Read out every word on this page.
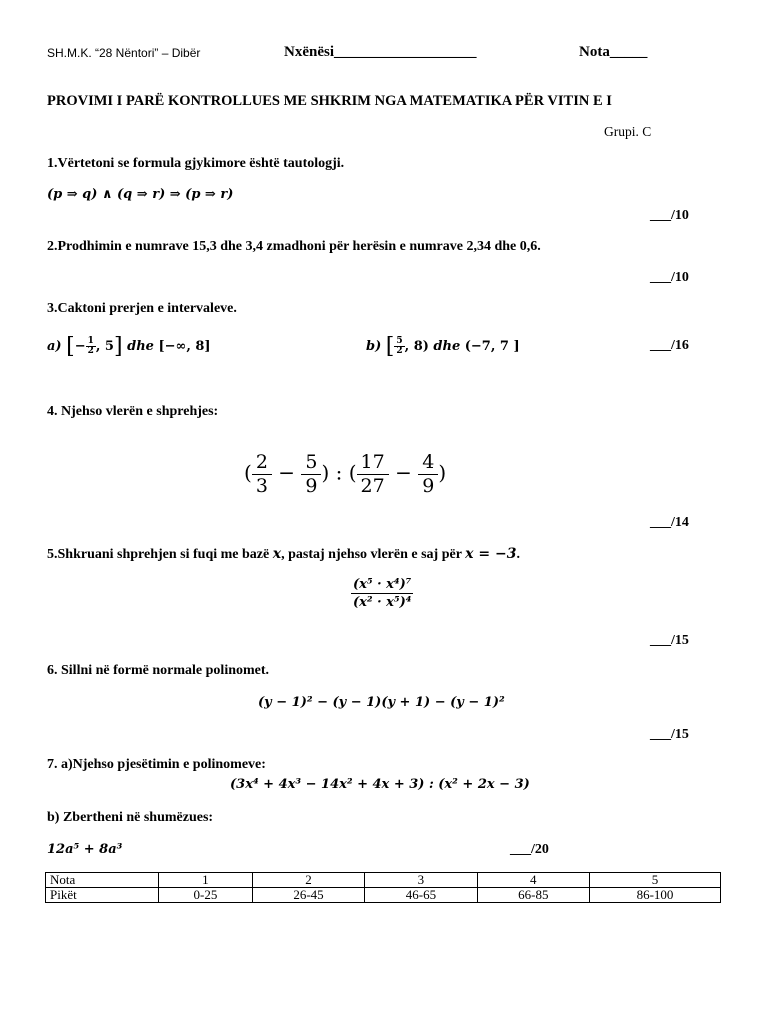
SH.M.K. “28 Nëntori” – Dibër	Nxënësi___________________	Nota_____
PROVIMI I PARË KONTROLLUES ME SHKRIM NGA MATEMATIKA PËR VITIN E I
Grupi. C
1.Vërtetoni se formula gjykimore është tautologji.
(p ⇒ q) ∧ (q ⇒ r) ⇒ (p ⇒ r)
___/10
2.Prodhimin e numrave 15,3 dhe 3,4 zmadhoni për herësin e numrave 2,34 dhe 0,6.
___/10
3.Caktoni prerjen e intervaleve.
a) [− $\frac{1}{2}$ , 5] dhe [−∞, 8]	b) [ $\frac{5}{2}$ , 8) dhe (−7, 7 ]	___/16
4. Njehso vlerën e shprehjes:
( $\frac{2}{3} - \frac{5}{9}$ ) : ( $\frac{17}{27} - \frac{4}{9}$ )
___/14
5.Shkruani shprehjen si fuqi me bazë x, pastaj njehso vlerën e saj për x = −3.
$\frac{\text{(x⁵ · x⁴)⁷}}{\text{(x² · x⁵)⁴}}$
___/15
6. Sillni në formë normale polinomet.
(y − 1)² − (y − 1)(y + 1) − (y − 1)²
___/15
7. a)Njehso pjesëtimin e polinomeve:
(3x⁴ + 4x³ − 14x² + 4x + 3) : (x² + 2x − 3)
b) Zbertheni në shumëzues:
12a⁵ + 8a³	___/20
Nota	1	2	3	4	5
Pikët	0-25	26-45	46-65	66-85	86-100
